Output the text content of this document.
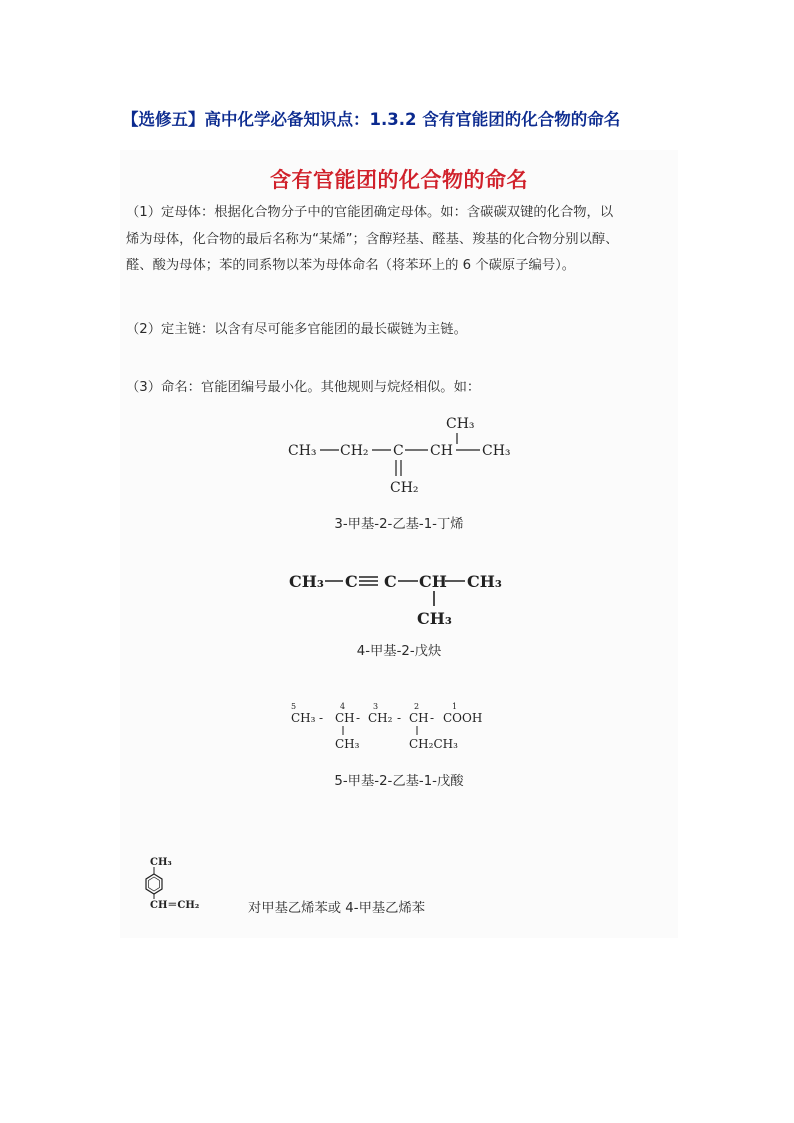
【选修五】高中化学必备知识点：1.3.2 含有官能团的化合物的命名
含有官能团的化合物的命名
（1）定母体：根据化合物分子中的官能团确定母体。如：含碳碳双键的化合物，以
烯为母体，化合物的最后名称为“某烯”；含醇羟基、醛基、羧基的化合物分别以醇、
醛、酸为母体；苯的同系物以苯为母体命名（将苯环上的 6 个碳原子编号）。
（2）定主链：以含有尽可能多官能团的最长碳链为主链。
（3）命名：官能团编号最小化。其他规则与烷烃相似。如：
CH₃
CH₃ CH₂ C CH CH₃
CH₂
3-甲基-2-乙基-1-丁烯
CH₃ C C CH CH₃
CH₃
4-甲基-2-戊炔
5	4	3	2	1
CH₃ - CH - CH₂ - CH - COOH
CH₃	CH₂CH₃
5-甲基-2-乙基-1-戊酸
CH₃
CH＝CH₂	对甲基乙烯苯或 4-甲基乙烯苯
